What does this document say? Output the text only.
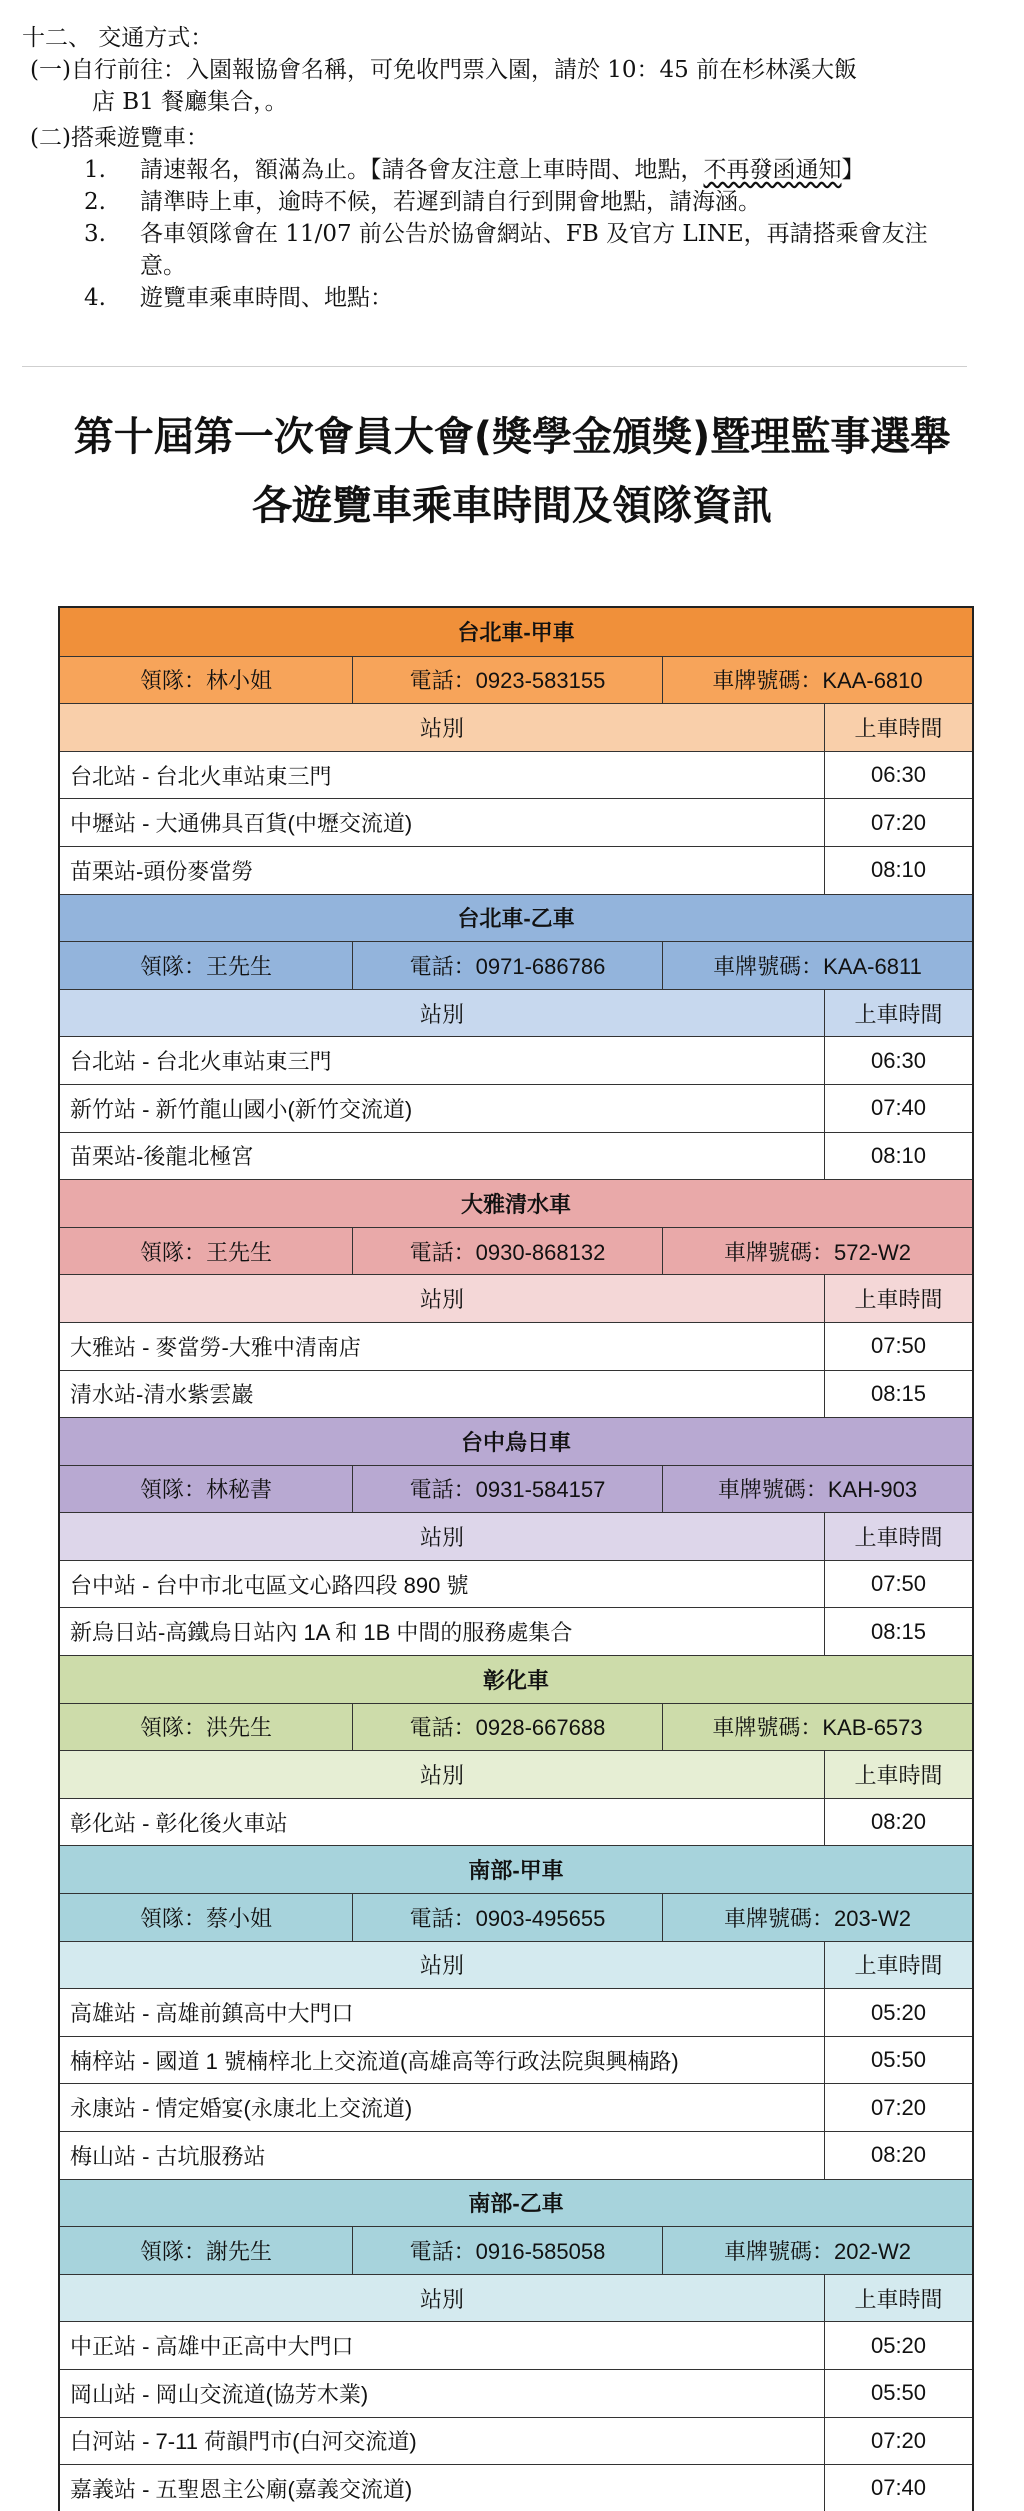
十二、 交通方式：
(一)自行前往：入園報協會名稱，可免收門票入園，請於 10：45 前在杉林溪大飯
店 B1 餐廳集合，。
(二)搭乘遊覽車：
1.	請速報名，額滿為止。【請各會友注意上車時間、地點，不再發函通知】
2.	請準時上車，逾時不候，若遲到請自行到開會地點，請海涵。
3.	各車領隊會在 11/07 前公告於協會網站、FB 及官方 LINE，再請搭乘會友注
意。
4.	遊覽車乘車時間、地點：
第十屆第一次會員大會(獎學金頒獎)暨理監事選舉
各遊覽車乘車時間及領隊資訊
台北車-甲車
領隊：林小姐	電話：0923-583155	車牌號碼：KAA-6810
站別	上車時間
台北站 - 台北火車站東三門	06:30
中壢站 - 大通佛具百貨(中壢交流道)	07:20
苗栗站-頭份麥當勞	08:10
台北車-乙車
領隊：王先生	電話：0971-686786	車牌號碼：KAA-6811
站別	上車時間
台北站 - 台北火車站東三門	06:30
新竹站 - 新竹龍山國小(新竹交流道)	07:40
苗栗站-後龍北極宮	08:10
大雅清水車
領隊：王先生	電話：0930-868132	車牌號碼：572-W2
站別	上車時間
大雅站 - 麥當勞-大雅中清南店	07:50
清水站-清水紫雲巖	08:15
台中烏日車
領隊：林秘書	電話：0931-584157	車牌號碼：KAH-903
站別	上車時間
台中站 - 台中市北屯區文心路四段 890 號	07:50
新烏日站-高鐵烏日站內 1A 和 1B 中間的服務處集合	08:15
彰化車
領隊：洪先生	電話：0928-667688	車牌號碼：KAB-6573
站別	上車時間
彰化站 - 彰化後火車站	08:20
南部-甲車
領隊：蔡小姐	電話：0903-495655	車牌號碼：203-W2
站別	上車時間
高雄站 - 高雄前鎮高中大門口	05:20
楠梓站 - 國道 1 號楠梓北上交流道(高雄高等行政法院與興楠路)	05:50
永康站 - 情定婚宴(永康北上交流道)	07:20
梅山站 - 古坑服務站	08:20
南部-乙車
領隊：謝先生	電話：0916-585058	車牌號碼：202-W2
站別	上車時間
中正站 - 高雄中正高中大門口	05:20
岡山站 - 岡山交流道(協芳木業)	05:50
白河站 - 7-11 荷韻門市(白河交流道)	07:20
嘉義站 - 五聖恩主公廟(嘉義交流道)	07:40
